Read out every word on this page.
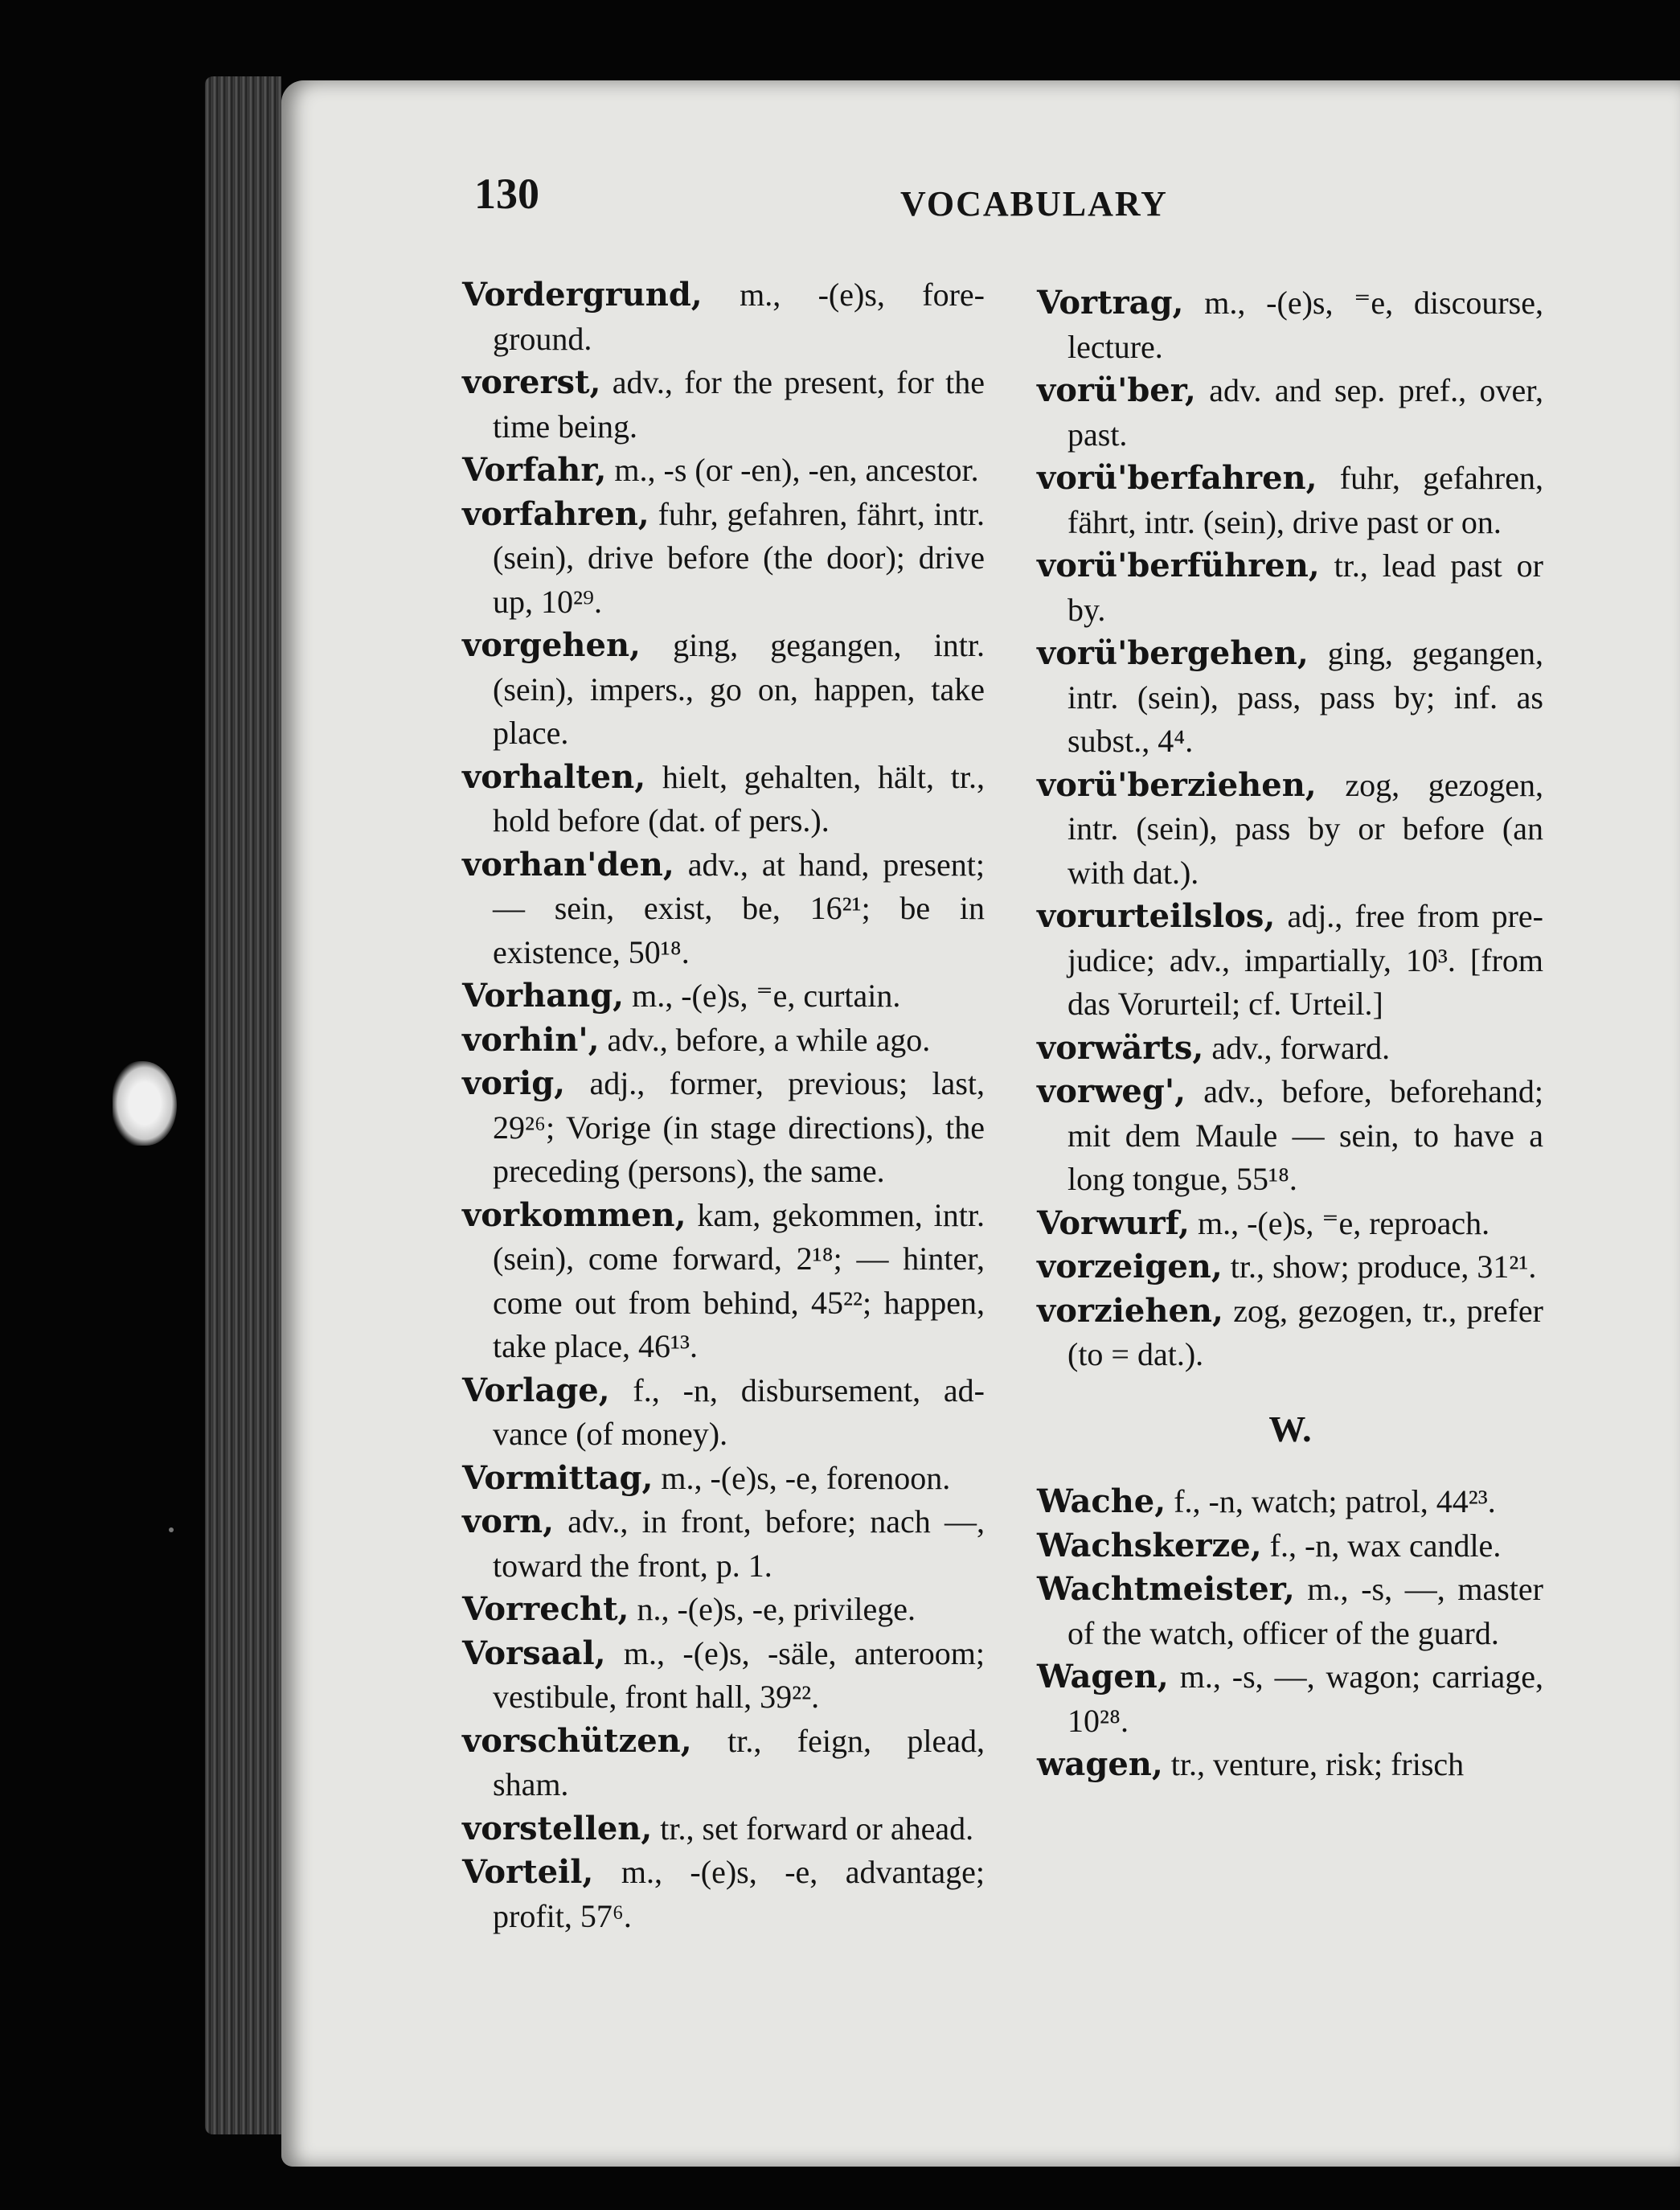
130	VOCABULARY
Vordergrund, m., -(e)s, foreground.
vorerst, adv., for the present, for the time being.
Vorfahr, m., -s (or -en), -en, ancestor.
vorfahren, fuhr, gefahren, fährt, intr. (sein), drive before (the door); drive up, 10²⁹.
vorgehen, ging, gegangen, intr. (sein), impers., go on, happen, take place.
vorhalten, hielt, gehalten, hält, tr., hold before (dat. of pers.).
vorhan'den, adv., at hand, present; — sein, exist, be, 16²¹; be in existence, 50¹⁸.
Vorhang, m., -(e)s, ⁼e, curtain.
vorhin', adv., before, a while ago.
vorig, adj., former, previous; last, 29²⁶; Vorige (in stage directions), the preceding (persons), the same.
vorkommen, kam, gekommen, intr. (sein), come forward, 2¹⁸; — hinter, come out from behind, 45²²; happen, take place, 46¹³.
Vorlage, f., -n, disbursement, advance (of money).
Vormittag, m., -(e)s, -e, forenoon.
vorn, adv., in front, before; nach —, toward the front, p. 1.
Vorrecht, n., -(e)s, -e, privilege.
Vorsaal, m., -(e)s, -säle, anteroom; vestibule, front hall, 39²².
vorschützen, tr., feign, plead, sham.
vorstellen, tr., set forward or ahead.
Vorteil, m., -(e)s, -e, advantage; profit, 57⁶.
Vortrag, m., -(e)s, ⁼e, discourse, lecture.
vorü'ber, adv. and sep. pref., over, past.
vorü'berfahren, fuhr, gefahren, fährt, intr. (sein), drive past or on.
vorü'berführen, tr., lead past or by.
vorü'bergehen, ging, gegangen, intr. (sein), pass, pass by; inf. as subst., 4⁴.
vorü'berziehen, zog, gezogen, intr. (sein), pass by or before (an with dat.).
vorurteilslos, adj., free from prejudice; adv., impartially, 10³. [from das Vorurteil; cf. Urteil.]
vorwärts, adv., forward.
vorweg', adv., before, beforehand; mit dem Maule — sein, to have a long tongue, 55¹⁸.
Vorwurf, m., -(e)s, ⁼e, reproach.
vorzeigen, tr., show; produce, 31²¹.
vorziehen, zog, gezogen, tr., prefer (to = dat.).
W.
Wache, f., -n, watch; patrol, 44²³.
Wachskerze, f., -n, wax candle.
Wachtmeister, m., -s, —, master of the watch, officer of the guard.
Wagen, m., -s, —, wagon; carriage, 10²⁸.
wagen, tr., venture, risk; frisch
